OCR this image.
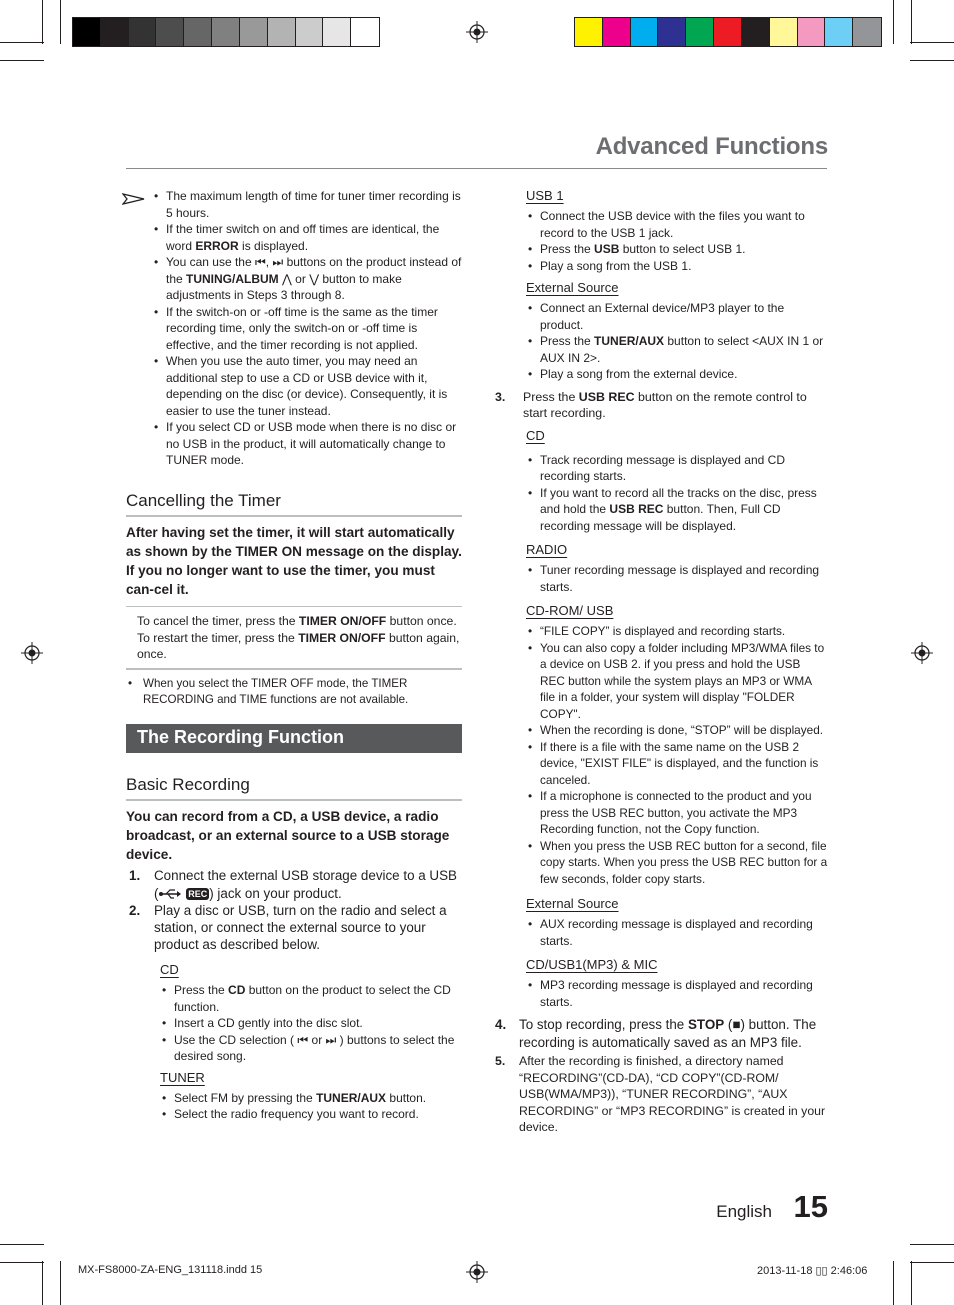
Advanced Functions
• The maximum length of time for tuner timer recording is 5 hours.
• If the timer switch on and off times are identical, the word ERROR is displayed.
• You can use the ⏮, ⏭ buttons on the product instead of the TUNING/ALBUM ⋀ or ⋁ button to make adjustments in Steps 3 through 8.
• If the switch-on or -off time is the same as the timer recording time, only the switch-on or -off time is effective, and the timer recording is not applied.
• When you use the auto timer, you may need an additional step to use a CD or USB device with it, depending on the disc (or device). Consequently, it is easier to use the tuner instead.
• If you select CD or USB mode when there is no disc or no USB in the product, it will automatically change to TUNER mode.
Cancelling the Timer
After having set the timer, it will start automatically as shown by the TIMER ON message on the display. If you no longer want to use the timer, you must can-cel it.
To cancel the timer, press the TIMER ON/OFF button once.
To restart the timer, press the TIMER ON/OFF button again, once.
• When you select the TIMER OFF mode, the TIMER RECORDING and TIME functions are not available.
The Recording Function
Basic Recording
You can record from a CD, a USB device, a radio broadcast, or an external source to a USB storage device.
1. Connect the external USB storage device to a USB (	REC ) jack on your product.
2. Play a disc or USB, turn on the radio and select a station, or connect the external source to your product as described below.
CD
• Press the CD button on the product to select the CD function.
• Insert a CD gently into the disc slot.
• Use the CD selection ( ⏮ or ⏭ ) buttons to select the desired song.
TUNER
• Select FM by pressing the TUNER/AUX button.
• Select the radio frequency you want to record.
USB 1
• Connect the USB device with the files you want to record to the USB 1 jack.
• Press the USB button to select USB 1.
• Play a song from the USB 1.
External Source
• Connect an External device/MP3 player to the product.
• Press the TUNER/AUX button to select <AUX IN 1 or AUX IN 2>.
• Play a song from the external device.
3. Press the USB REC button on the remote control to start recording.
CD
• Track recording message is displayed and CD recording starts.
• If you want to record all the tracks on the disc, press and hold the USB REC button. Then, Full CD recording message will be displayed.
RADIO
• Tuner recording message is displayed and recording starts.
CD-ROM/ USB
• “FILE COPY” is displayed and recording starts.
• You can also copy a folder including MP3/WMA files to a device on USB 2. if you press and hold the USB REC button while the system plays an MP3 or WMA file in a folder, your system will display "FOLDER COPY".
• When the recording is done, “STOP” will be displayed.
• If there is a file with the same name on the USB 2 device, "EXIST FILE" is displayed, and the function is canceled.
• If a microphone is connected to the product and you press the USB REC button, you activate the MP3 Recording function, not the Copy function.
• When you press the USB REC button for a second, file copy starts. When you press the USB REC button for a few seconds, folder copy starts.
External Source
• AUX recording message is displayed and recording starts.
CD/USB1(MP3) & MIC
• MP3 recording message is displayed and recording starts.
4. To stop recording, press the STOP (■) button. The recording is automatically saved as an MP3 file.
5. After the recording is finished, a directory named “RECORDING”(CD-DA), “CD COPY”(CD-ROM/ USB(WMA/MP3)), “TUNER RECORDING”, “AUX RECORDING” or “MP3 RECORDING” is created in your device.
English 15
MX-FS8000-ZA-ENG_131118.indd 15	2013-11-18 ▯▯ 2:46:06
